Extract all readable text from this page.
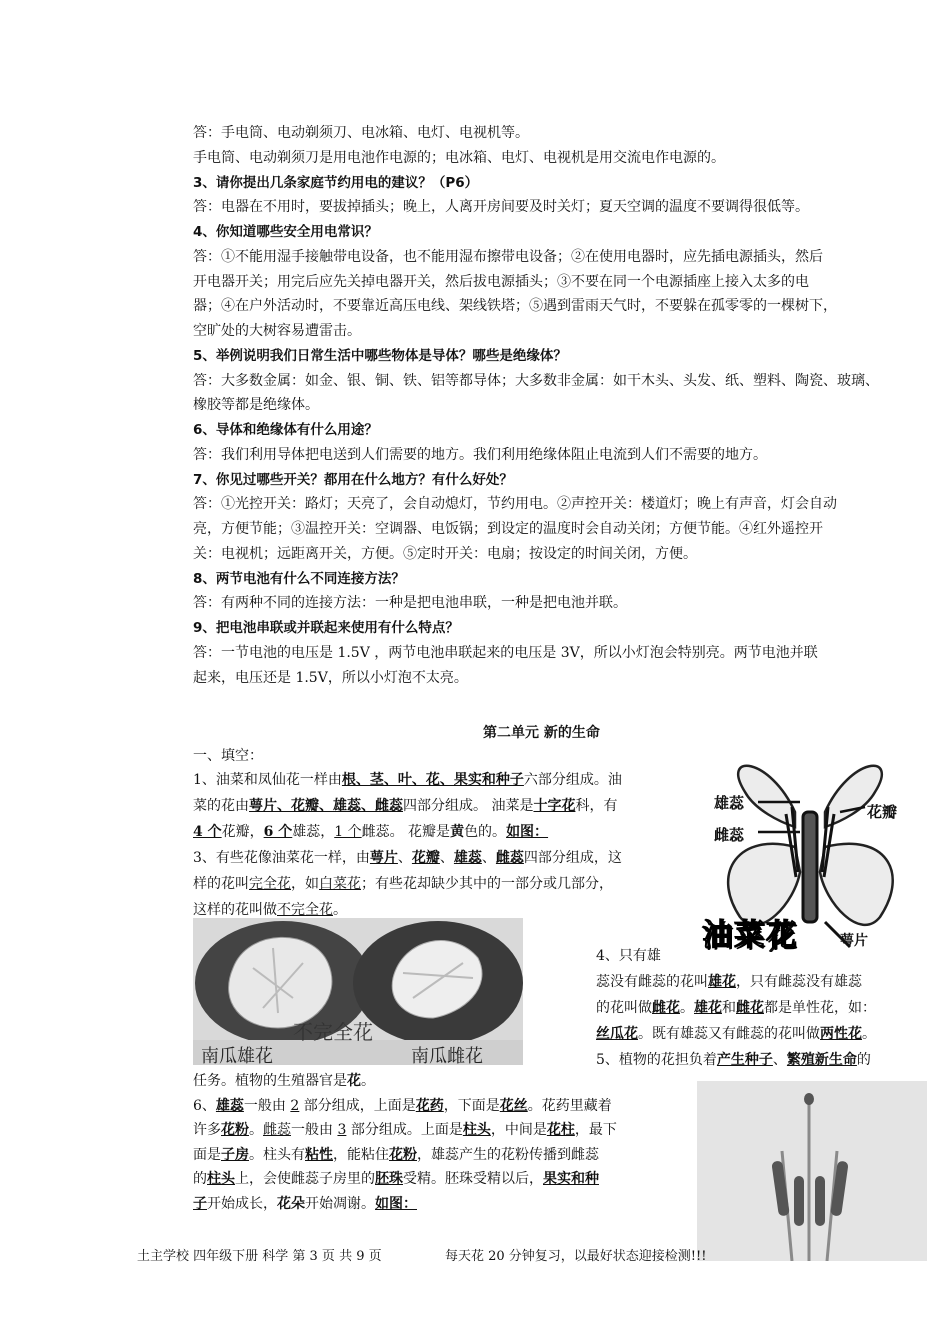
答：手电筒、电动剃须刀、电冰箱、电灯、电视机等。
手电筒、电动剃须刀是用电池作电源的；电冰箱、电灯、电视机是用交流电作电源的。
3、请你提出几条家庭节约用电的建议？（P6）
答：电器在不用时，要拔掉插头；晚上，人离开房间要及时关灯；夏天空调的温度不要调得很低等。
4、你知道哪些安全用电常识？
答：①不能用湿手接触带电设备，也不能用湿布擦带电设备；②在使用电器时，应先插电源插头，然后
开电器开关；用完后应先关掉电器开关，然后拔电源插头；③不要在同一个电源插座上接入太多的电
器；④在户外活动时，不要靠近高压电线、架线铁塔；⑤遇到雷雨天气时，不要躲在孤零零的一棵树下，
空旷处的大树容易遭雷击。
5、举例说明我们日常生活中哪些物体是导体？哪些是绝缘体？
答：大多数金属：如金、银、铜、铁、铝等都导体；大多数非金属：如干木头、头发、纸、塑料、陶瓷、玻璃、
橡胶等都是绝缘体。
6、导体和绝缘体有什么用途？
答：我们利用导体把电送到人们需要的地方。我们利用绝缘体阻止电流到人们不需要的地方。
7、你见过哪些开关？都用在什么地方？有什么好处？
答：①光控开关：路灯；天亮了，会自动熄灯，节约用电。②声控开关：楼道灯；晚上有声音，灯会自动
亮，方便节能；③温控开关：空调器、电饭锅；到设定的温度时会自动关闭；方便节能。④红外遥控开
关：电视机；远距离开关，方便。⑤定时开关：电扇；按设定的时间关闭，方便。
8、两节电池有什么不同连接方法？
答：有两种不同的连接方法：一种是把电池串联，一种是把电池并联。
9、把电池串联或并联起来使用有什么特点？
答：一节电池的电压是 1.5V ，两节电池串联起来的电压是 3V，所以小灯泡会特别亮。两节电池并联
起来，电压还是 1.5V，所以小灯泡不太亮。
第二单元 新的生命
一、填空：
1、油菜和凤仙花一样由根、茎、叶、花、果实和种子六部分组成。油
菜的花由萼片、花瓣、雄蕊、雌蕊四部分组成。 油菜是十字花科，有
4 个花瓣，6 个雄蕊，1 个雌蕊。 花瓣是黄色的。如图：
3、有些花像油菜花一样，由萼片、花瓣、雄蕊、雌蕊四部分组成，这
样的花叫完全花，如白菜花；有些花却缺少其中的一部分或几部分，
这样的花叫做不完全花。
4、只有雄
蕊没有雌蕊的花叫雄花，只有雌蕊没有雄蕊
的花叫做雌花。雄花和雌花都是单性花，如：
丝瓜花。既有雄蕊又有雌蕊的花叫做两性花。
5、植物的花担负着产生种子、繁殖新生命的
任务。植物的生殖器官是花。
6、雄蕊一般由 2 部分组成，上面是花药，下面是花丝。花药里藏着
许多花粉。雌蕊一般由 3 部分组成。上面是柱头，中间是花柱，最下
面是子房。柱头有粘性，能粘住花粉，雄蕊产生的花粉传播到雌蕊
的柱头上，会使雌蕊子房里的胚珠受精。胚珠受精以后，果实和种
子开始成长，花朵开始凋谢。如图：
雄蕊
雌蕊
花瓣
油菜花	萼片
不完全花
南瓜雄花	南瓜雌花
土主学校 四年级下册 科学 第 3 页 共 9 页	每天花 20 分钟复习，以最好状态迎接检测!!!
